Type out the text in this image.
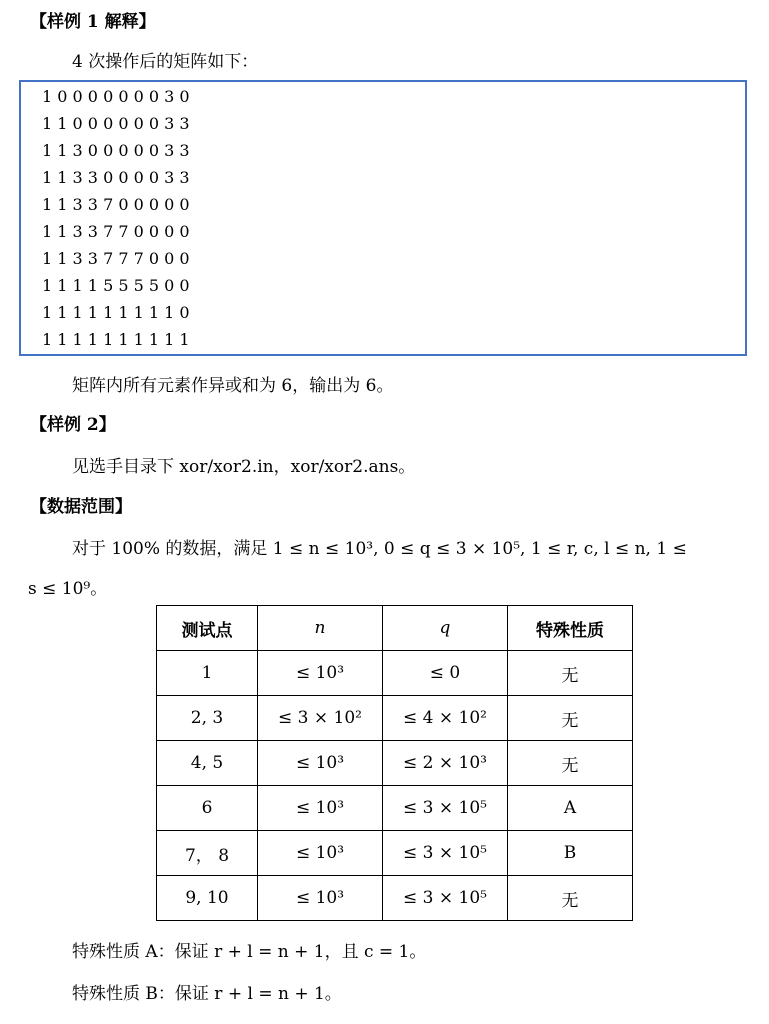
【样例 1 解释】
4 次操作后的矩阵如下：
1 0 0 0 0 0 0 0 3 0
1 1 0 0 0 0 0 0 3 3
1 1 3 0 0 0 0 0 3 3
1 1 3 3 0 0 0 0 3 3
1 1 3 3 7 0 0 0 0 0
1 1 3 3 7 7 0 0 0 0
1 1 3 3 7 7 7 0 0 0
1 1 1 1 5 5 5 5 0 0
1 1 1 1 1 1 1 1 1 0
1 1 1 1 1 1 1 1 1 1
矩阵内所有元素作异或和为 6，输出为 6。
【样例 2】
见选手目录下 xor/xor2.in，xor/xor2.ans。
【数据范围】
对于 100% 的数据，满足 1 ≤ n ≤ 10³, 0 ≤ q ≤ 3 × 10⁵, 1 ≤ r, c, l ≤ n, 1 ≤
s ≤ 10⁹。
测试点	n	q	特殊性质
1	≤ 10³	≤ 0	无
2, 3	≤ 3 × 10²	≤ 4 × 10²	无
4, 5	≤ 10³	≤ 2 × 10³	无
6	≤ 10³	≤ 3 × 10⁵	A
7， 8	≤ 10³	≤ 3 × 10⁵	B
9, 10	≤ 10³	≤ 3 × 10⁵	无
特殊性质 A：保证 r + l = n + 1，且 c = 1。
特殊性质 B：保证 r + l = n + 1。
